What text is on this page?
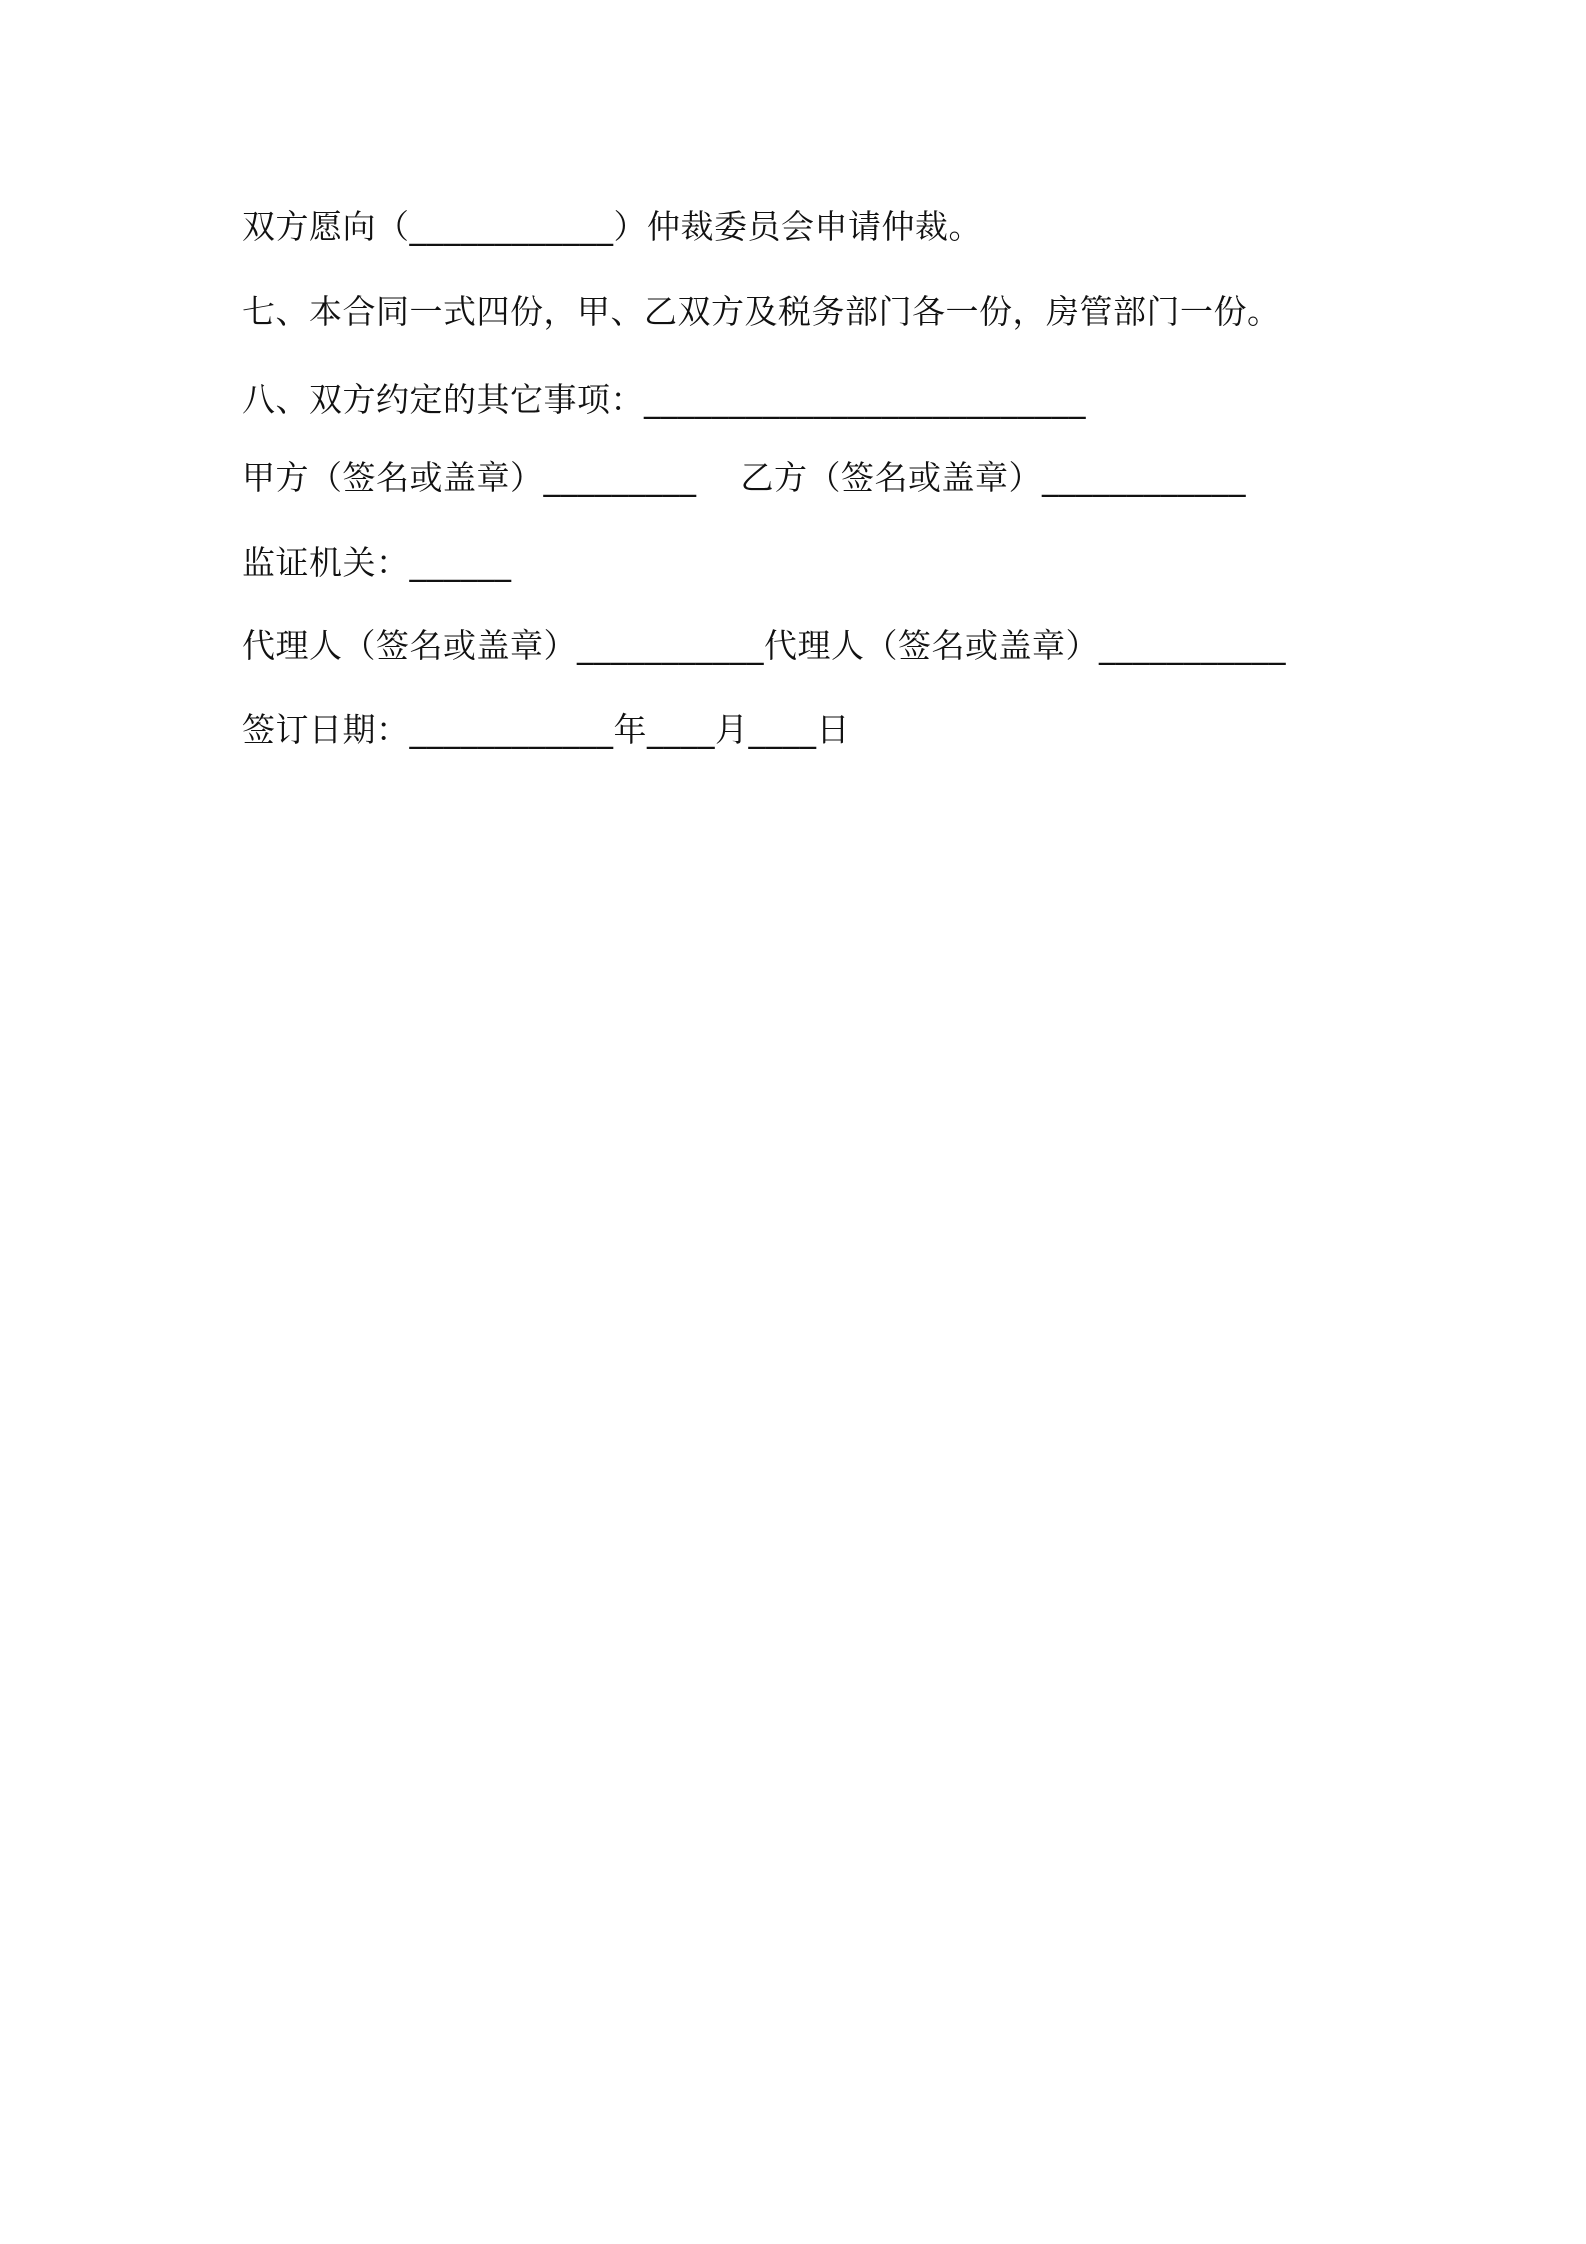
双方愿向（____________）仲裁委员会申请仲裁。
七、本合同一式四份，甲、乙双方及税务部门各一份，房管部门一份。
八、双方约定的其它事项：__________________________
甲方（签名或盖章）_________    乙方（签名或盖章）____________
监证机关：______
代理人（签名或盖章）___________代理人（签名或盖章）___________
签订日期：____________年____月____日
